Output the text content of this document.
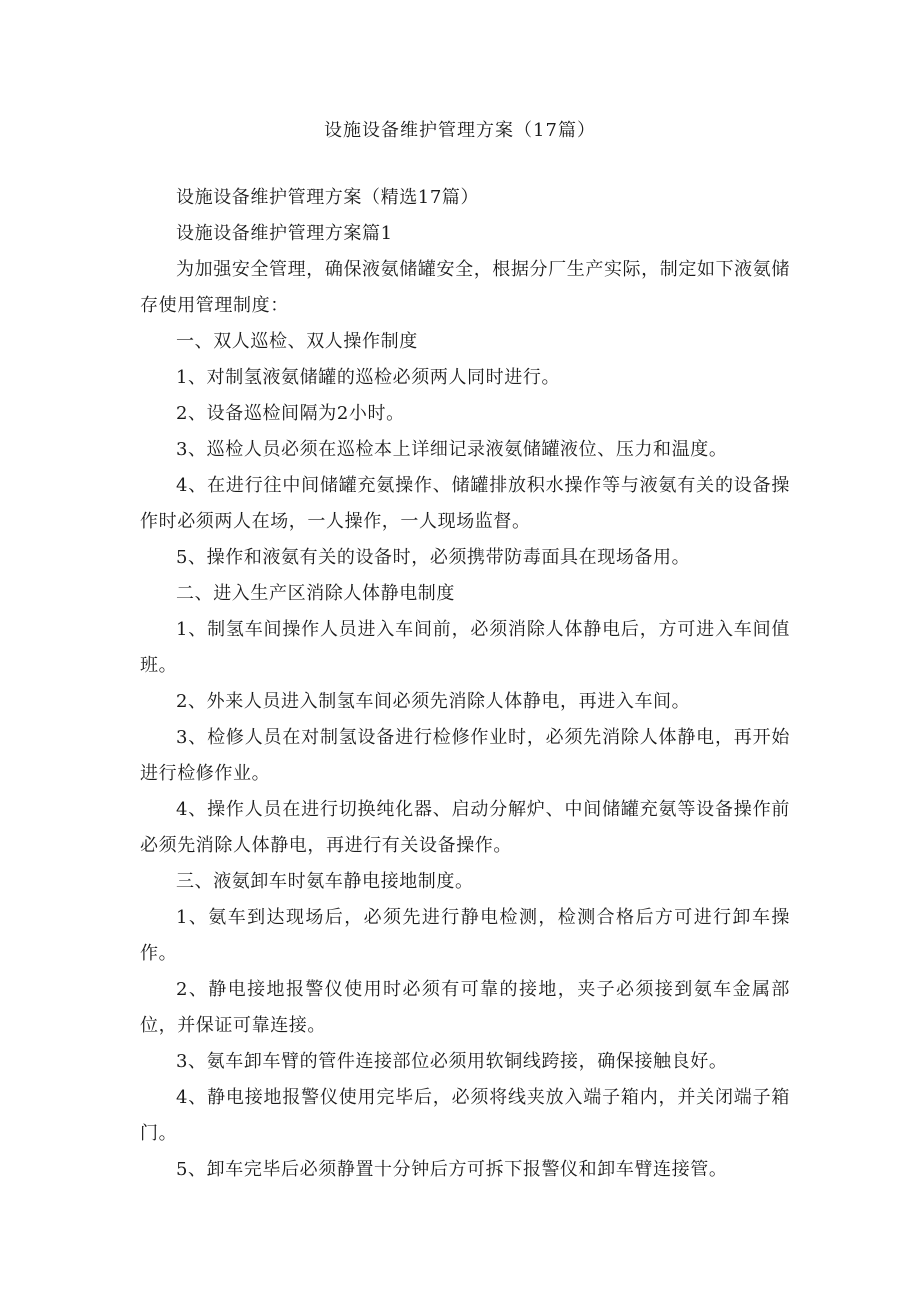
设施设备维护管理方案（17篇）

设施设备维护管理方案（精选17篇）

设施设备维护管理方案篇1

为加强安全管理，确保液氨储罐安全，根据分厂生产实际，制定如下液氨储存使用管理制度：

一、双人巡检、双人操作制度

1、对制氢液氨储罐的巡检必须两人同时进行。

2、设备巡检间隔为2小时。

3、巡检人员必须在巡检本上详细记录液氨储罐液位、压力和温度。

4、在进行往中间储罐充氨操作、储罐排放积水操作等与液氨有关的设备操作时必须两人在场，一人操作，一人现场监督。

5、操作和液氨有关的设备时，必须携带防毒面具在现场备用。

二、进入生产区消除人体静电制度

1、制氢车间操作人员进入车间前，必须消除人体静电后，方可进入车间值班。

2、外来人员进入制氢车间必须先消除人体静电，再进入车间。

3、检修人员在对制氢设备进行检修作业时，必须先消除人体静电，再开始进行检修作业。

4、操作人员在进行切换纯化器、启动分解炉、中间储罐充氨等设备操作前必须先消除人体静电，再进行有关设备操作。

三、液氨卸车时氨车静电接地制度。

1、氨车到达现场后，必须先进行静电检测，检测合格后方可进行卸车操作。

2、静电接地报警仪使用时必须有可靠的接地，夹子必须接到氨车金属部位，并保证可靠连接。

3、氨车卸车臂的管件连接部位必须用软铜线跨接，确保接触良好。

4、静电接地报警仪使用完毕后，必须将线夹放入端子箱内，并关闭端子箱门。

5、卸车完毕后必须静置十分钟后方可拆下报警仪和卸车臂连接管。
